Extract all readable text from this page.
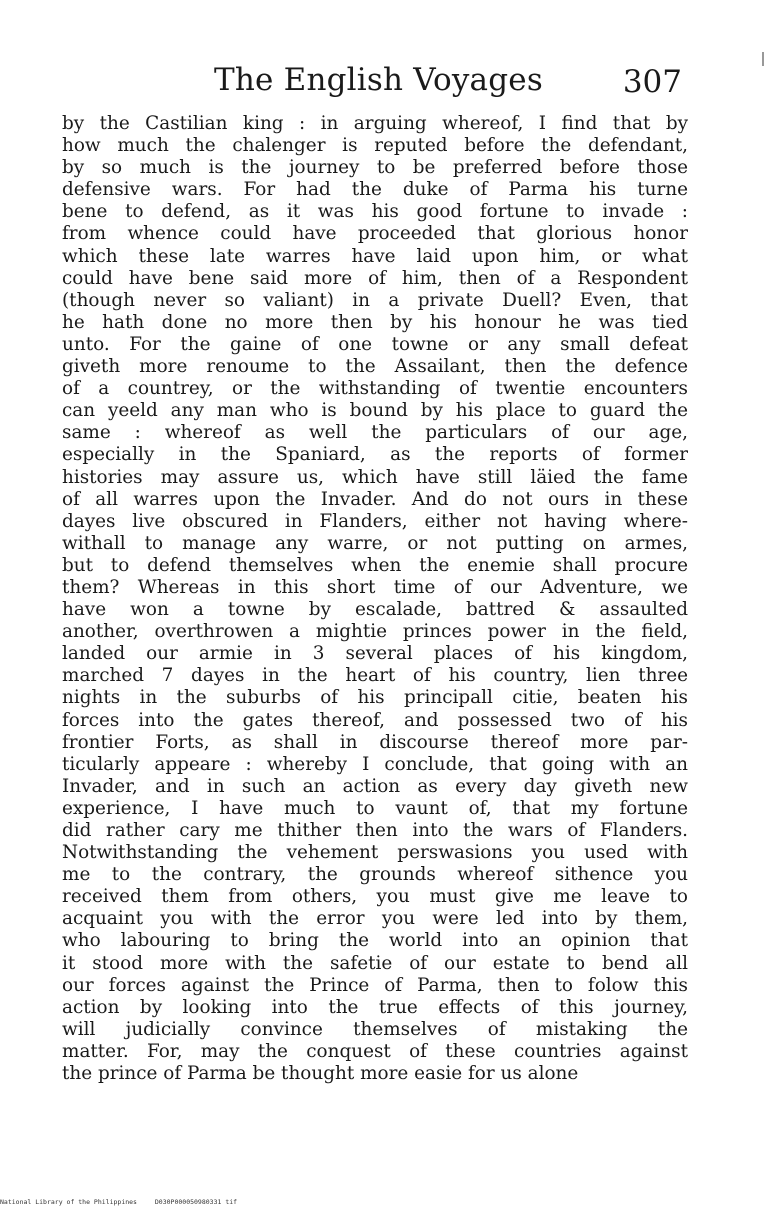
The English Voyages	307
by the Castilian king : in arguing whereof, I find that by
how much the chalenger is reputed before the defendant,
by so much is the journey to be preferred before those
defensive wars. For had the duke of Parma his turne
bene to defend, as it was his good fortune to invade :
from whence could have proceeded that glorious honor
which these late warres have laid upon him, or what
could have bene said more of him, then of a Respondent
(though never so valiant) in a private Duell? Even, that
he hath done no more then by his honour he was tied
unto. For the gaine of one towne or any small defeat
giveth more renoume to the Assailant, then the defence
of a countrey, or the withstanding of twentie encounters
can yeeld any man who is bound by his place to guard the
same : whereof as well the particulars of our age,
especially in the Spaniard, as the reports of former
histories may assure us, which have still läied the fame
of all warres upon the Invader. And do not ours in these
dayes live obscured in Flanders, either not having where-
withall to manage any warre, or not putting on armes,
but to defend themselves when the enemie shall procure
them? Whereas in this short time of our Adventure, we
have won a towne by escalade, battred & assaulted
another, overthrowen a mightie princes power in the field,
landed our armie in 3 several places of his kingdom,
marched 7 dayes in the heart of his country, lien three
nights in the suburbs of his principall citie, beaten his
forces into the gates thereof, and possessed two of his
frontier Forts, as shall in discourse thereof more par-
ticularly appeare : whereby I conclude, that going with an
Invader, and in such an action as every day giveth new
experience, I have much to vaunt of, that my fortune
did rather cary me thither then into the wars of Flanders.
Notwithstanding the vehement perswasions you used with
me to the contrary, the grounds whereof sithence you
received them from others, you must give me leave to
acquaint you with the error you were led into by them,
who labouring to bring the world into an opinion that
it stood more with the safetie of our estate to bend all
our forces against the Prince of Parma, then to folow this
action by looking into the true effects of this journey,
will judicially convince themselves of mistaking the
matter. For, may the conquest of these countries against
the prince of Parma be thought more easie for us alone
National Library of the Philippines	D030P000050980331 tif
